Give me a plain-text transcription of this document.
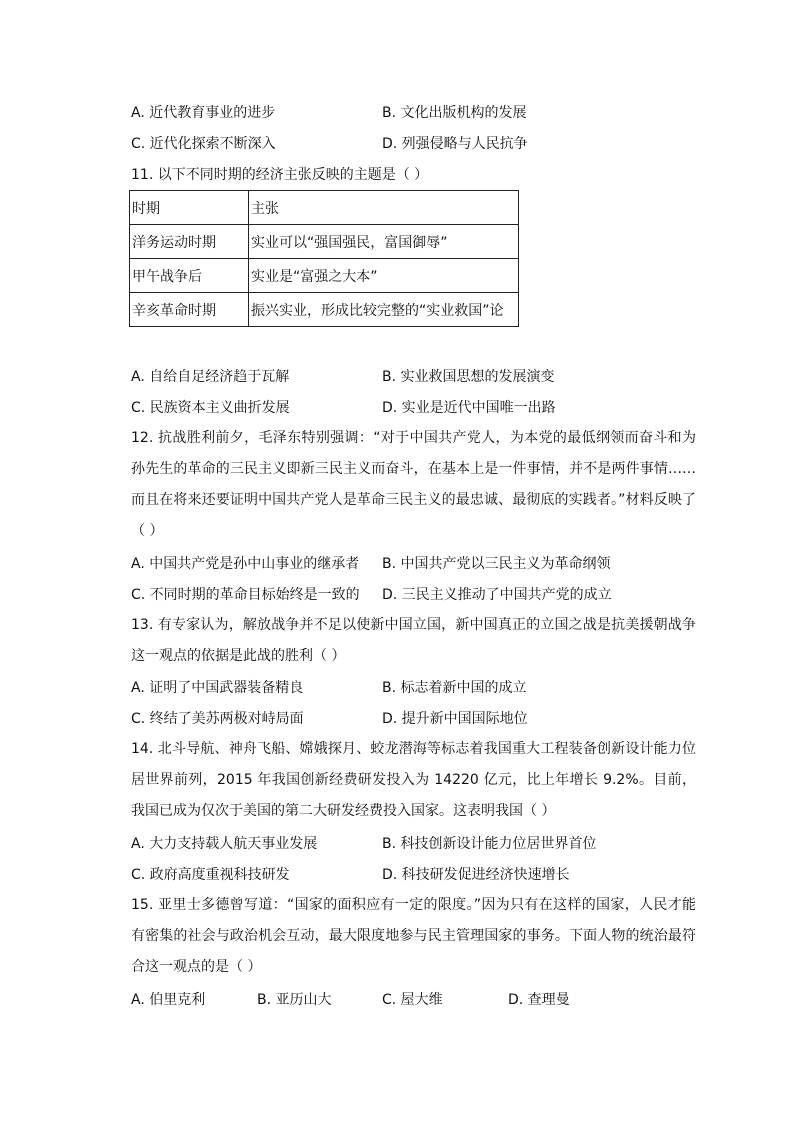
A. 近代教育事业的进步	B. 文化出版机构的发展
C. 近代化探索不断深入	D. 列强侵略与人民抗争
11. 以下不同时期的经济主张反映的主题是（ ）
时期	主张
洋务运动时期	实业可以“强国强民，富国御辱”
甲午战争后	实业是“富强之大本”
辛亥革命时期	振兴实业，形成比较完整的“实业救国”论
A. 自给自足经济趋于瓦解	B. 实业救国思想的发展演变
C. 民族资本主义曲折发展	D. 实业是近代中国唯一出路
12. 抗战胜利前夕，毛泽东特别强调：“对于中国共产党人，为本党的最低纲领而奋斗和为孙先生的革命的三民主义即新三民主义而奋斗，在基本上是一件事情，并不是两件事情……而且在将来还要证明中国共产党人是革命三民主义的最忠诚、最彻底的实践者。”材料反映了（ ）
A. 中国共产党是孙中山事业的继承者 B. 中国共产党以三民主义为革命纲领
C. 不同时期的革命目标始终是一致的 D. 三民主义推动了中国共产党的成立
13. 有专家认为，解放战争并不足以使新中国立国，新中国真正的立国之战是抗美援朝战争这一观点的依据是此战的胜利（ ）
A. 证明了中国武器装备精良	B. 标志着新中国的成立
C. 终结了美苏两极对峙局面	D. 提升新中国国际地位
14. 北斗导航、神舟飞船、嫦娥探月、蛟龙潜海等标志着我国重大工程装备创新设计能力位居世界前列，2015 年我国创新经费研发投入为 14220 亿元，比上年增长 9.2%。目前，我国已成为仅次于美国的第二大研发经费投入国家。这表明我国（ ）
A. 大力支持载人航天事业发展	B. 科技创新设计能力位居世界首位
C. 政府高度重视科技研发	D. 科技研发促进经济快速增长
15. 亚里士多德曾写道：“国家的面积应有一定的限度。”因为只有在这样的国家，人民才能有密集的社会与政治机会互动，最大限度地参与民主管理国家的事务。下面人物的统治最符合这一观点的是（ ）
A. 伯里克利	B. 亚历山大	C. 屋大维	D. 查理曼
